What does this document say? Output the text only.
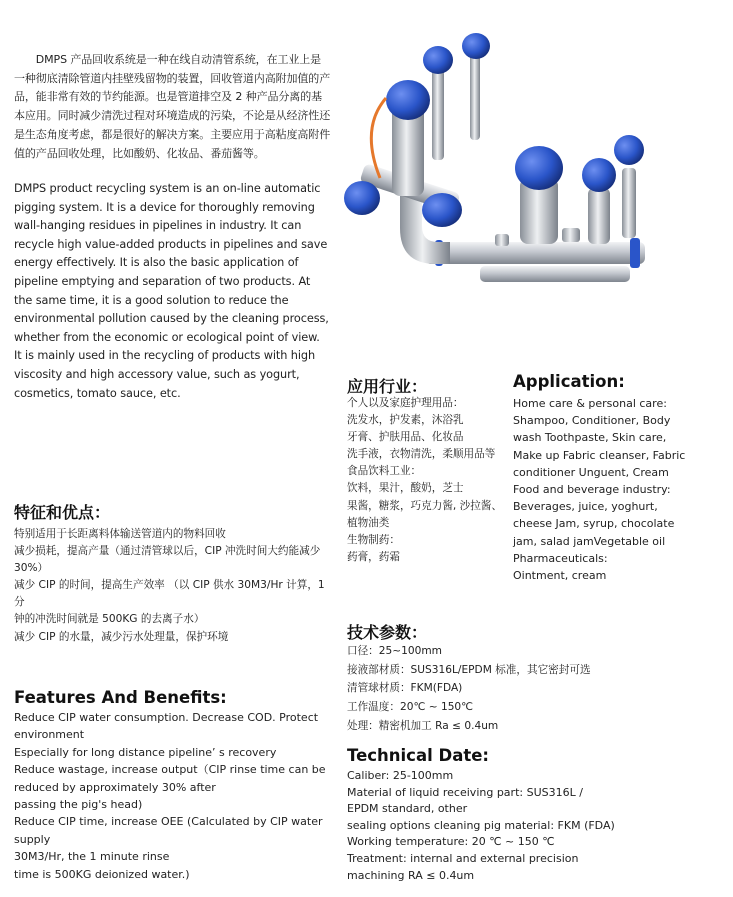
　　DMPS 产品回收系统是一种在线自动清管系统，在工业上是
一种彻底清除管道内挂壁残留物的装置，回收管道内高附加值的产
品，能非常有效的节约能源。也是管道排空及 2 种产品分离的基
本应用。同时减少清洗过程对环境造成的污染，不论是从经济性还
是生态角度考虑，都是很好的解决方案。主要应用于高粘度高附件
值的产品回收处理，比如酸奶、化妆品、番茄酱等。
DMPS product recycling system is an on-line automatic
pigging system. It is a device for thoroughly removing
wall-hanging residues in pipelines in industry. It can
recycle high value-added products in pipelines and save
energy effectively. It is also the basic application of
pipeline emptying and separation of two products. At
the same time, it is a good solution to reduce the
environmental pollution caused by the cleaning process,
whether from the economic or ecological point of view.
It is mainly used in the recycling of products with high
viscosity and high accessory value, such as yogurt,
cosmetics, tomato sauce, etc.
特征和优点：
特别适用于长距离料体输送管道内的物料回收
减少损耗，提高产量（通过清管球以后，CIP 冲洗时间大约能减少
30%）
减少 CIP 的时间，提高生产效率 （以 CIP 供水 30M3/Hr 计算，1
分
钟的冲洗时间就是 500KG 的去离子水）
减少 CIP 的水量，减少污水处理量，保护环境
Features And Benefits:
Reduce CIP water consumption. Decrease COD. Protect
environment
Especially for long distance pipeline’ s recovery
Reduce wastage, increase output（CIP rinse time can be
reduced by approximately 30% after
passing the pig's head)
Reduce CIP time, increase OEE (Calculated by CIP water
supply
30M3/Hr, the 1 minute rinse
time is 500KG deionized water.)
应用行业：
个人以及家庭护理用品：
洗发水，护发素，沐浴乳
牙膏、护肤用品、化妆品
洗手液，衣物清洗，柔顺用品等
食品饮料工业：
饮料，果汁，酸奶，芝士
果酱，糖浆，巧克力酱, 沙拉酱、
植物油类
生物制药：
药膏，药霜
Application:
Home care & personal care:
Shampoo, Conditioner, Body
wash Toothpaste, Skin care,
Make up Fabric cleanser, Fabric
conditioner Unguent, Cream
Food and beverage industry:
Beverages, juice, yoghurt,
cheese Jam, syrup, chocolate
jam, salad jamVegetable oil
Pharmaceuticals:
Ointment, cream
技术参数：
口径：25~100mm
接液部材质：SUS316L/EPDM 标准，其它密封可选
清管球材质：FKM(FDA)
工作温度：20℃ ~ 150℃
处理：精密机加工 Ra ≤ 0.4um
Technical Date:
Caliber: 25-100mm
Material of liquid receiving part: SUS316L /
EPDM standard, other
sealing options cleaning pig material: FKM (FDA)
Working temperature: 20 ℃ ~ 150 ℃
Treatment: internal and external precision
machining RA ≤ 0.4um
